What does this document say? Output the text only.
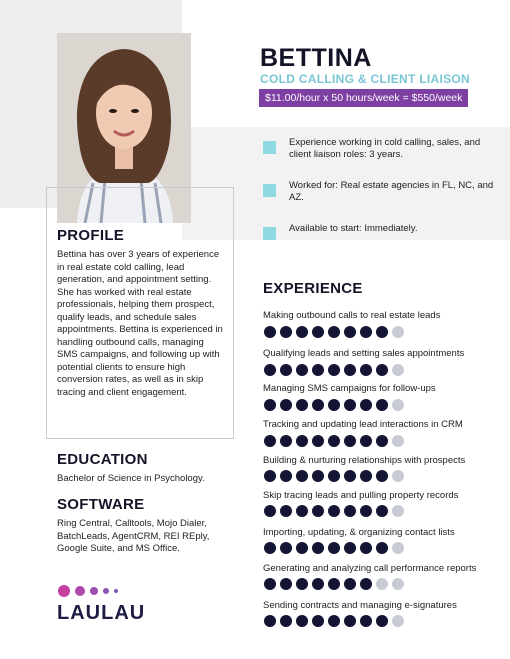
BETTINA
COLD CALLING & CLIENT LIAISON
$11.00/hour x 50 hours/week = $550/week
Experience working in cold calling, sales, and client liaison roles: 3 years.
Worked for: Real estate agencies in FL, NC, and AZ.
Available to start: Immediately.
PROFILE
Bettina has over 3 years of experience in real estate cold calling, lead generation, and appointment setting. She has worked with real estate professionals, helping them prospect, qualify leads, and schedule sales appointments. Bettina is experienced in handling outbound calls, managing SMS campaigns, and following up with potential clients to ensure high conversion rates, as well as in skip tracing and client engagement.
EDUCATION
Bachelor of Science in Psychology.
SOFTWARE
Ring Central, Calltools, Mojo Dialer, BatchLeads, AgentCRM, REI REply, Google Suite, and MS Office.
EXPERIENCE
Making outbound calls to real estate leads
Qualifying leads and setting sales appointments
Managing SMS campaigns for follow-ups
Tracking and updating lead interactions in CRM
Building & nurturing relationships with prospects
Skip tracing leads and pulling property records
Importing, updating, & organizing contact lists
Generating and analyzing call performance reports
Sending contracts and managing e-signatures
LAULAU
